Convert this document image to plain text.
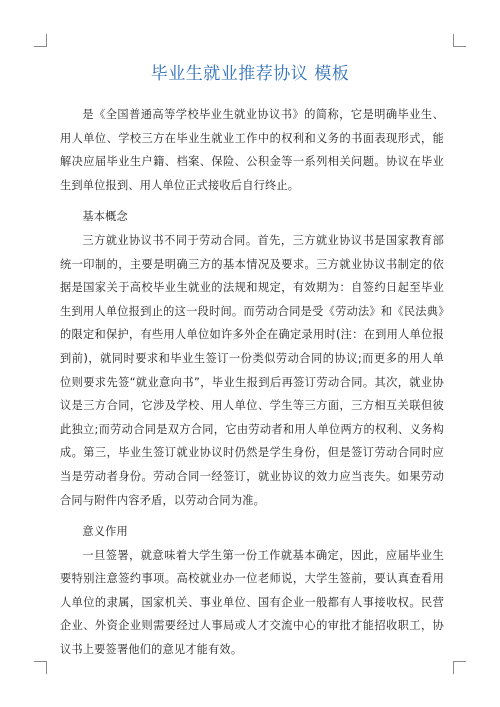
毕业生就业推荐协议 模板

是《全国普通高等学校毕业生就业协议书》的简称，它是明确毕业生、用人单位、学校三方在毕业生就业工作中的权利和义务的书面表现形式，能解决应届毕业生户籍、档案、保险、公积金等一系列相关问题。协议在毕业生到单位报到、用人单位正式接收后自行终止。

基本概念

三方就业协议书不同于劳动合同。首先，三方就业协议书是国家教育部统一印制的，主要是明确三方的基本情况及要求。三方就业协议书制定的依据是国家关于高校毕业生就业的法规和规定，有效期为：自签约日起至毕业生到用人单位报到止的这一段时间。而劳动合同是受《劳动法》和《民法典》的限定和保护，有些用人单位如许多外企在确定录用时(注：在到用人单位报到前)，就同时要求和毕业生签订一份类似劳动合同的协议;而更多的用人单位则要求先签“就业意向书”，毕业生报到后再签订劳动合同。其次，就业协议是三方合同，它涉及学校、用人单位、学生等三方面，三方相互关联但彼此独立;而劳动合同是双方合同，它由劳动者和用人单位两方的权利、义务构成。第三，毕业生签订就业协议时仍然是学生身份，但是签订劳动合同时应当是劳动者身份。劳动合同一经签订，就业协议的效力应当丧失。如果劳动合同与附件内容矛盾，以劳动合同为准。

意义作用

一旦签署，就意味着大学生第一份工作就基本确定，因此，应届毕业生要特别注意签约事项。高校就业办一位老师说，大学生签前，要认真查看用人单位的隶属，国家机关、事业单位、国有企业一般都有人事接收权。民营企业、外资企业则需要经过人事局或人才交流中心的审批才能招收职工，协议书上要签署他们的意见才能有效。
